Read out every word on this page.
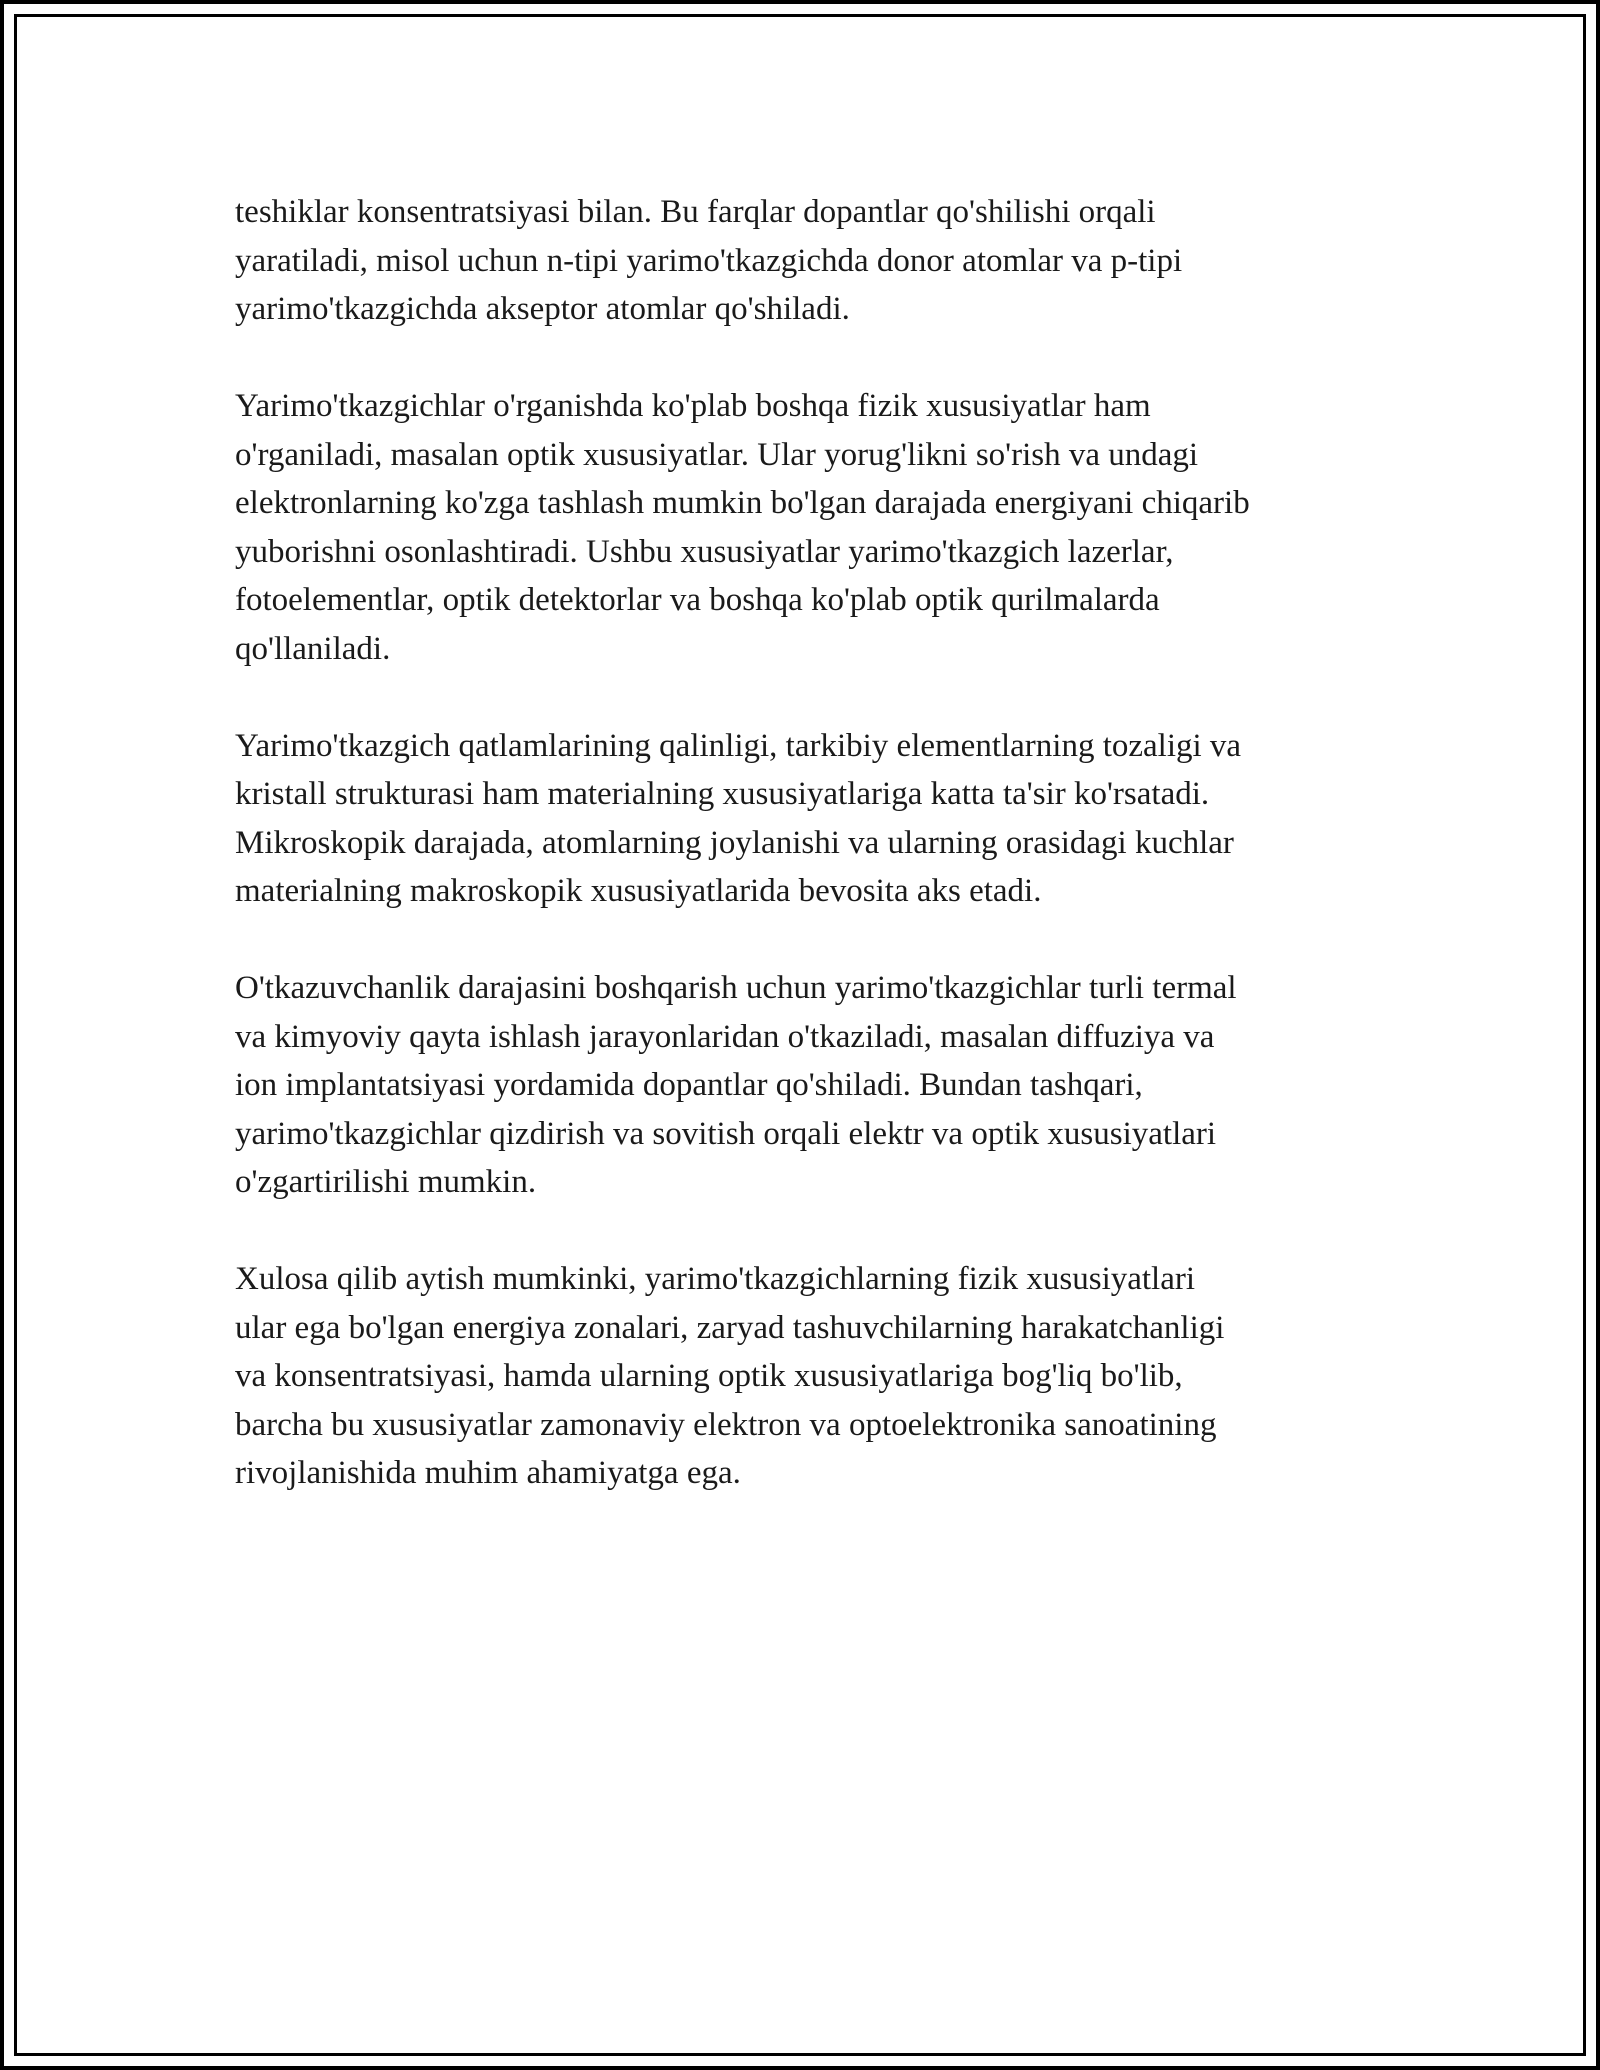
teshiklar konsentratsiyasi bilan. Bu farqlar dopantlar qo'shilishi orqali
yaratiladi, misol uchun n-tipi yarimo'tkazgichda donor atomlar va p-tipi
yarimo'tkazgichda akseptor atomlar qo'shiladi.

Yarimo'tkazgichlar o'rganishda ko'plab boshqa fizik xususiyatlar ham
o'rganiladi, masalan optik xususiyatlar. Ular yorug'likni so'rish va undagi
elektronlarning ko'zga tashlash mumkin bo'lgan darajada energiyani chiqarib
yuborishni osonlashtiradi. Ushbu xususiyatlar yarimo'tkazgich lazerlar,
fotoelementlar, optik detektorlar va boshqa ko'plab optik qurilmalarda
qo'llaniladi.

Yarimo'tkazgich qatlamlarining qalinligi, tarkibiy elementlarning tozaligi va
kristall strukturasi ham materialning xususiyatlariga katta ta'sir ko'rsatadi.
Mikroskopik darajada, atomlarning joylanishi va ularning orasidagi kuchlar
materialning makroskopik xususiyatlarida bevosita aks etadi.

O'tkazuvchanlik darajasini boshqarish uchun yarimo'tkazgichlar turli termal
va kimyoviy qayta ishlash jarayonlaridan o'tkaziladi, masalan diffuziya va
ion implantatsiyasi yordamida dopantlar qo'shiladi. Bundan tashqari,
yarimo'tkazgichlar qizdirish va sovitish orqali elektr va optik xususiyatlari
o'zgartirilishi mumkin.

Xulosa qilib aytish mumkinki, yarimo'tkazgichlarning fizik xususiyatlari
ular ega bo'lgan energiya zonalari, zaryad tashuvchilarning harakatchanligi
va konsentratsiyasi, hamda ularning optik xususiyatlariga bog'liq bo'lib,
barcha bu xususiyatlar zamonaviy elektron va optoelektronika sanoatining
rivojlanishida muhim ahamiyatga ega.
